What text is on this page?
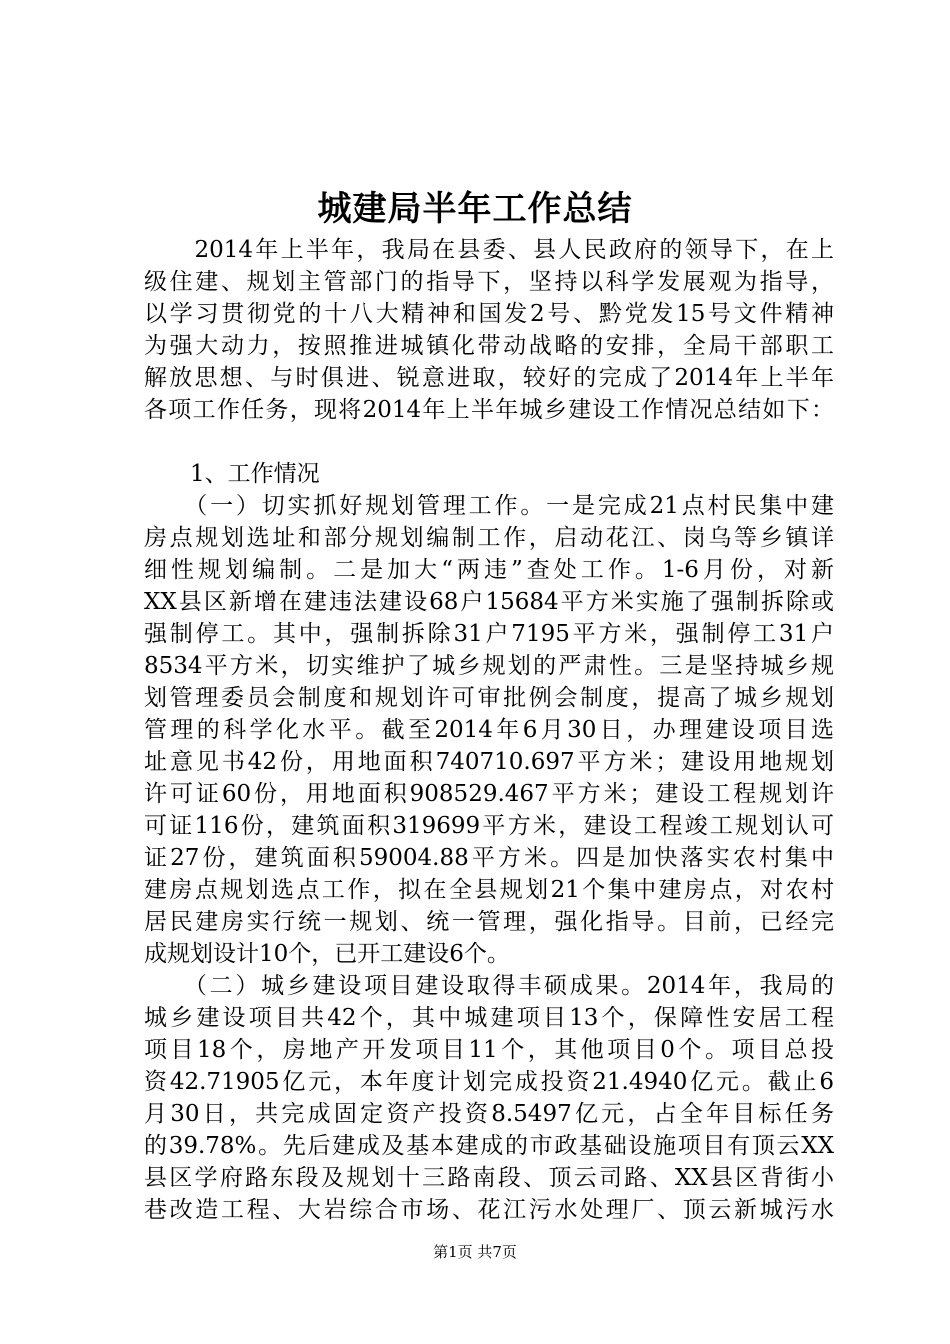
城建局半年工作总结
　　2014年上半年，我局在县委、县人民政府的领导下，在上
级住建、规划主管部门的指导下，坚持以科学发展观为指导，
以学习贯彻党的十八大精神和国发2号、黔党发15号文件精神
为强大动力，按照推进城镇化带动战略的安排，全局干部职工
解放思想、与时俱进、锐意进取，较好的完成了2014年上半年
各项工作任务，现将2014年上半年城乡建设工作情况总结如下：
　　1、工作情况
　　（一）切实抓好规划管理工作。一是完成21点村民集中建
房点规划选址和部分规划编制工作，启动花江、岗乌等乡镇详
细性规划编制。二是加大“两违”查处工作。1-6月份，对新
XX县区新增在建违法建设68户15684平方米实施了强制拆除或
强制停工。其中，强制拆除31户7195平方米，强制停工31户
8534平方米，切实维护了城乡规划的严肃性。三是坚持城乡规
划管理委员会制度和规划许可审批例会制度，提高了城乡规划
管理的科学化水平。截至2014年6月30日，办理建设项目选
址意见书42份，用地面积740710.697平方米；建设用地规划
许可证60份，用地面积908529.467平方米；建设工程规划许
可证116份，建筑面积319699平方米，建设工程竣工规划认可
证27份，建筑面积59004.88平方米。四是加快落实农村集中
建房点规划选点工作，拟在全县规划21个集中建房点，对农村
居民建房实行统一规划、统一管理，强化指导。目前，已经完
成规划设计10个，已开工建设6个。
　　（二）城乡建设项目建设取得丰硕成果。2014年，我局的
城乡建设项目共42个，其中城建项目13个，保障性安居工程
项目18个，房地产开发项目11个，其他项目0个。项目总投
资42.71905亿元，本年度计划完成投资21.4940亿元。截止6
月30日，共完成固定资产投资8.5497亿元，占全年目标任务
的39.78%。先后建成及基本建成的市政基础设施项目有顶云XX
县区学府路东段及规划十三路南段、顶云司路、XX县区背街小
巷改造工程、大岩综合市场、花江污水处理厂、顶云新城污水
第1页 共7页
